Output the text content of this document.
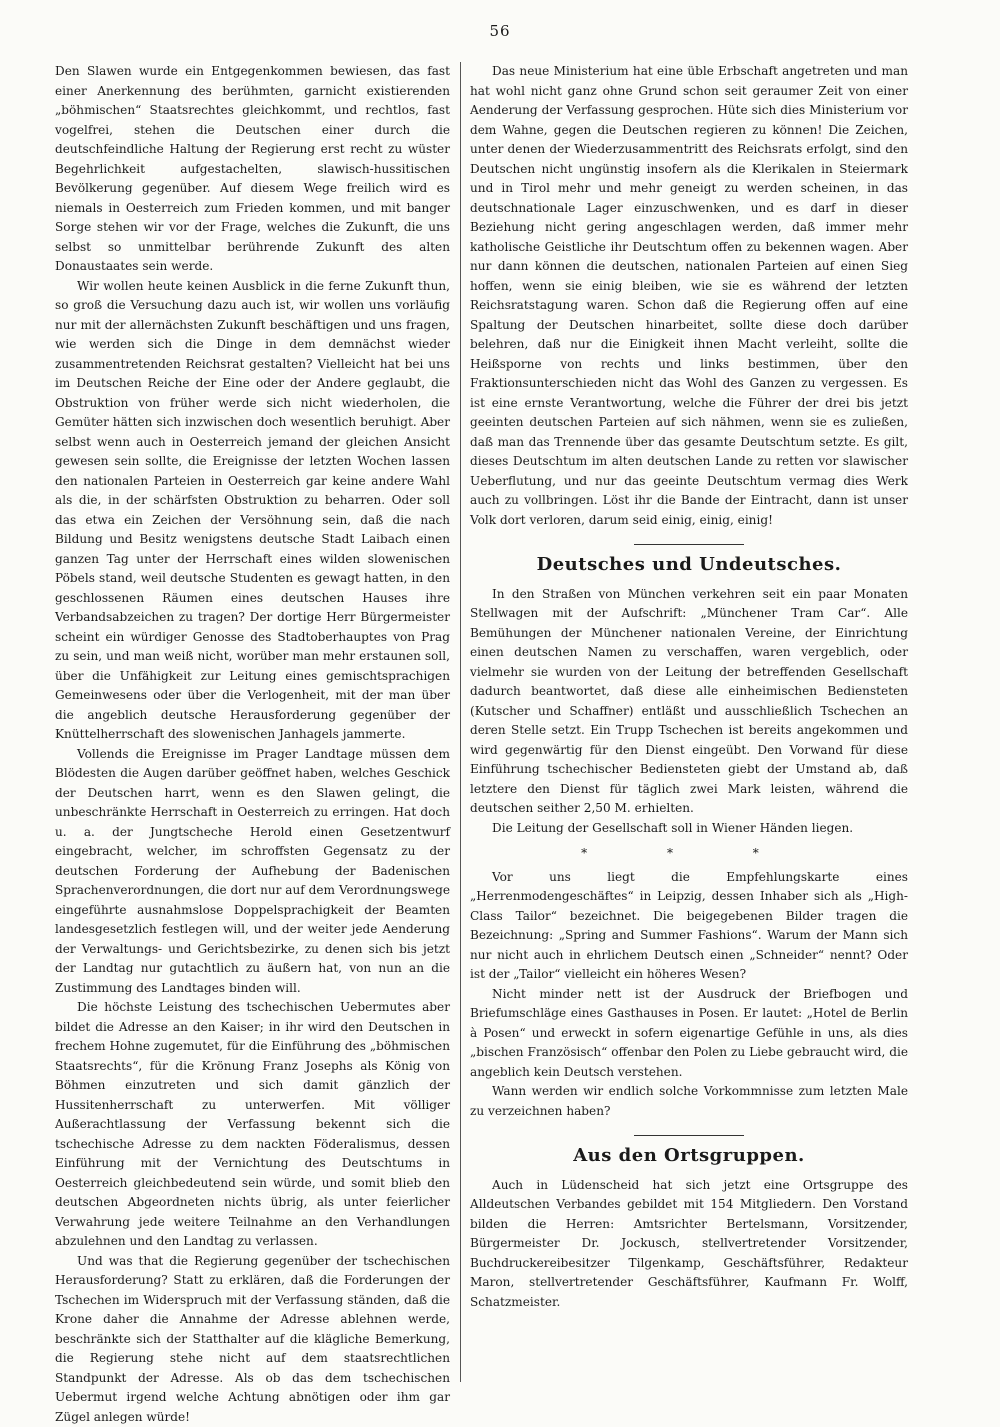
56

Den Slawen wurde ein Entgegenkommen bewiesen, das fast einer Anerkennung des berühmten, garnicht existierenden „böhmischen“ Staatsrechtes gleichkommt, und rechtlos, fast vogelfrei, stehen die Deutschen einer durch die deutschfeindliche Haltung der Regierung erst recht zu wüster Begehrlichkeit aufgestachelten, slawisch-hussitischen Bevölkerung gegenüber. Auf diesem Wege freilich wird es niemals in Oesterreich zum Frieden kommen, und mit banger Sorge stehen wir vor der Frage, welches die Zukunft, die uns selbst so unmittelbar berührende Zukunft des alten Donaustaates sein werde.

Wir wollen heute keinen Ausblick in die ferne Zukunft thun, so groß die Versuchung dazu auch ist, wir wollen uns vorläufig nur mit der allernächsten Zukunft beschäftigen und uns fragen, wie werden sich die Dinge in dem demnächst wieder zusammentretenden Reichsrat gestalten? Vielleicht hat bei uns im Deutschen Reiche der Eine oder der Andere geglaubt, die Obstruktion von früher werde sich nicht wiederholen, die Gemüter hätten sich inzwischen doch wesentlich beruhigt. Aber selbst wenn auch in Oesterreich jemand der gleichen Ansicht gewesen sein sollte, die Ereignisse der letzten Wochen lassen den nationalen Parteien in Oesterreich gar keine andere Wahl als die, in der schärfsten Obstruktion zu beharren. Oder soll das etwa ein Zeichen der Versöhnung sein, daß die nach Bildung und Besitz wenigstens deutsche Stadt Laibach einen ganzen Tag unter der Herrschaft eines wilden slowenischen Pöbels stand, weil deutsche Studenten es gewagt hatten, in den geschlossenen Räumen eines deutschen Hauses ihre Verbandsabzeichen zu tragen? Der dortige Herr Bürgermeister scheint ein würdiger Genosse des Stadtoberhauptes von Prag zu sein, und man weiß nicht, worüber man mehr erstaunen soll, über die Unfähigkeit zur Leitung eines gemischtsprachigen Gemeinwesens oder über die Verlogenheit, mit der man über die angeblich deutsche Herausforderung gegenüber der Knüttelherrschaft des slowenischen Janhagels jammerte.

Vollends die Ereignisse im Prager Landtage müssen dem Blödesten die Augen darüber geöffnet haben, welches Geschick der Deutschen harrt, wenn es den Slawen gelingt, die unbeschränkte Herrschaft in Oesterreich zu erringen. Hat doch u. a. der Jungtscheche Herold einen Gesetzentwurf eingebracht, welcher, im schroffsten Gegensatz zu der deutschen Forderung der Aufhebung der Badenischen Sprachenverordnungen, die dort nur auf dem Verordnungswege eingeführte ausnahmslose Doppelsprachigkeit der Beamten landesgesetzlich festlegen will, und der weiter jede Aenderung der Verwaltungs- und Gerichtsbezirke, zu denen sich bis jetzt der Landtag nur gutachtlich zu äußern hat, von nun an die Zustimmung des Landtages binden will.

Die höchste Leistung des tschechischen Uebermutes aber bildet die Adresse an den Kaiser; in ihr wird den Deutschen in frechem Hohne zugemutet, für die Einführung des „böhmischen Staatsrechts“, für die Krönung Franz Josephs als König von Böhmen einzutreten und sich damit gänzlich der Hussitenherrschaft zu unterwerfen. Mit völliger Außerachtlassung der Verfassung bekennt sich die tschechische Adresse zu dem nackten Föderalismus, dessen Einführung mit der Vernichtung des Deutschtums in Oesterreich gleichbedeutend sein würde, und somit blieb den deutschen Abgeordneten nichts übrig, als unter feierlicher Verwahrung jede weitere Teilnahme an den Verhandlungen abzulehnen und den Landtag zu verlassen.

Und was that die Regierung gegenüber der tschechischen Herausforderung? Statt zu erklären, daß die Forderungen der Tschechen im Widerspruch mit der Verfassung ständen, daß die Krone daher die Annahme der Adresse ablehnen werde, beschränkte sich der Statthalter auf die klägliche Bemerkung, die Regierung stehe nicht auf dem staatsrechtlichen Standpunkt der Adresse. Als ob das dem tschechischen Uebermut irgend welche Achtung abnötigen oder ihm gar Zügel anlegen würde!

Das neue Ministerium hat eine üble Erbschaft angetreten und man hat wohl nicht ganz ohne Grund schon seit geraumer Zeit von einer Aenderung der Verfassung gesprochen. Hüte sich dies Ministerium vor dem Wahne, gegen die Deutschen regieren zu können! Die Zeichen, unter denen der Wiederzusammentritt des Reichsrats erfolgt, sind den Deutschen nicht ungünstig insofern als die Klerikalen in Steiermark und in Tirol mehr und mehr geneigt zu werden scheinen, in das deutschnationale Lager einzuschwenken, und es darf in dieser Beziehung nicht gering angeschlagen werden, daß immer mehr katholische Geistliche ihr Deutschtum offen zu bekennen wagen. Aber nur dann können die deutschen, nationalen Parteien auf einen Sieg hoffen, wenn sie einig bleiben, wie sie es während der letzten Reichsratstagung waren. Schon daß die Regierung offen auf eine Spaltung der Deutschen hinarbeitet, sollte diese doch darüber belehren, daß nur die Einigkeit ihnen Macht verleiht, sollte die Heißsporne von rechts und links bestimmen, über den Fraktionsunterschieden nicht das Wohl des Ganzen zu vergessen. Es ist eine ernste Verantwortung, welche die Führer der drei bis jetzt geeinten deutschen Parteien auf sich nähmen, wenn sie es zuließen, daß man das Trennende über das gesamte Deutschtum setzte. Es gilt, dieses Deutschtum im alten deutschen Lande zu retten vor slawischer Ueberflutung, und nur das geeinte Deutschtum vermag dies Werk auch zu vollbringen. Löst ihr die Bande der Eintracht, dann ist unser Volk dort verloren, darum seid einig, einig, einig!

Deutsches und Undeutsches.

In den Straßen von München verkehren seit ein paar Monaten Stellwagen mit der Aufschrift: „Münchener Tram Car“. Alle Bemühungen der Münchener nationalen Vereine, der Einrichtung einen deutschen Namen zu verschaffen, waren vergeblich, oder vielmehr sie wurden von der Leitung der betreffenden Gesellschaft dadurch beantwortet, daß diese alle einheimischen Bediensteten (Kutscher und Schaffner) entläßt und ausschließlich Tschechen an deren Stelle setzt. Ein Trupp Tschechen ist bereits angekommen und wird gegenwärtig für den Dienst eingeübt. Den Vorwand für diese Einführung tschechischer Bediensteten giebt der Umstand ab, daß letztere den Dienst für täglich zwei Mark leisten, während die deutschen seither 2,50 M. erhielten.

Die Leitung der Gesellschaft soll in Wiener Händen liegen.

* * *

Vor uns liegt die Empfehlungskarte eines „Herrenmodengeschäftes“ in Leipzig, dessen Inhaber sich als „High-Class Tailor“ bezeichnet. Die beigegebenen Bilder tragen die Bezeichnung: „Spring and Summer Fashions“. Warum der Mann sich nur nicht auch in ehrlichem Deutsch einen „Schneider“ nennt? Oder ist der „Tailor“ vielleicht ein höheres Wesen?

Nicht minder nett ist der Ausdruck der Briefbogen und Briefumschläge eines Gasthauses in Posen. Er lautet: „Hotel de Berlin à Posen“ und erweckt in sofern eigenartige Gefühle in uns, als dies „bischen Französisch“ offenbar den Polen zu Liebe gebraucht wird, die angeblich kein Deutsch verstehen.

Wann werden wir endlich solche Vorkommnisse zum letzten Male zu verzeichnen haben?

Aus den Ortsgruppen.

Auch in Lüdenscheid hat sich jetzt eine Ortsgruppe des Alldeutschen Verbandes gebildet mit 154 Mitgliedern. Den Vorstand bilden die Herren: Amtsrichter Bertelsmann, Vorsitzender, Bürgermeister Dr. Jockusch, stellvertretender Vorsitzender, Buchdruckereibesitzer Tilgenkamp, Geschäftsführer, Redakteur Maron, stellvertretender Geschäftsführer, Kaufmann Fr. Wolff, Schatzmeister.
